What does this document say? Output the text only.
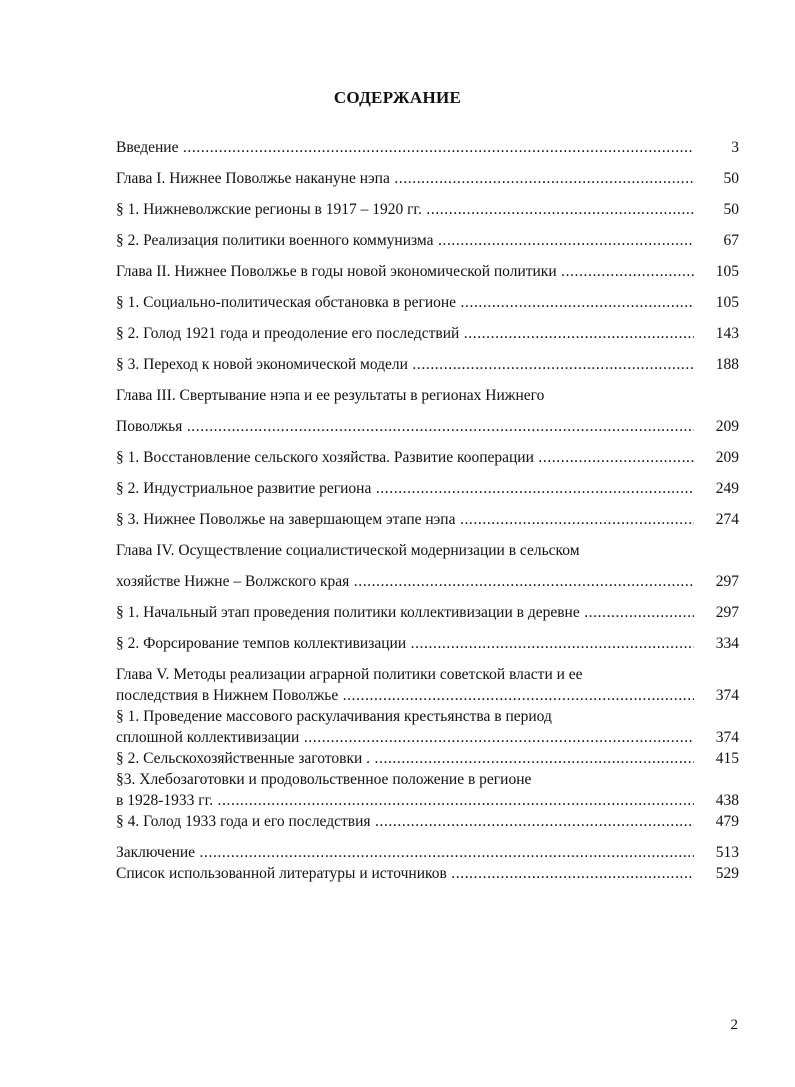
СОДЕРЖАНИЕ
Введение .....	3
Глава I. Нижнее Поволжье накануне нэпа .....	50
§ 1. Нижневолжские регионы в 1917 – 1920 гг. .....	50
§ 2. Реализация политики военного коммунизма .....	67
Глава II. Нижнее Поволжье в годы новой экономической политики .....	105
§ 1. Социально-политическая обстановка в регионе .....	105
§ 2. Голод 1921 года и преодоление его последствий .....	143
§ 3. Переход к новой экономической модели .....	188
Глава III. Свертывание нэпа и ее результаты в регионах Нижнего
Поволжья .....	209
§ 1. Восстановление сельского хозяйства. Развитие кооперации .....	209
§ 2. Индустриальное развитие региона .....	249
§ 3. Нижнее Поволжье на завершающем этапе нэпа .....	274
Глава IV. Осуществление социалистической модернизации в сельском
хозяйстве Нижне – Волжского края .....	297
§ 1. Начальный этап проведения политики коллективизации в деревне .....	297
§ 2. Форсирование темпов коллективизации .....	334
Глава V. Методы реализации аграрной политики советской власти и ее
последствия в Нижнем Поволжье .....	374
§ 1. Проведение массового раскулачивания крестьянства в период
сплошной коллективизации .....	374
§ 2. Сельскохозяйственные заготовки . .....	415
§3. Хлебозаготовки и продовольственное положение в регионе
в 1928-1933 гг. .....	438
§ 4. Голод 1933 года и его последствия .....	479
Заключение .....	513
Список использованной литературы и источников .....	529
2
